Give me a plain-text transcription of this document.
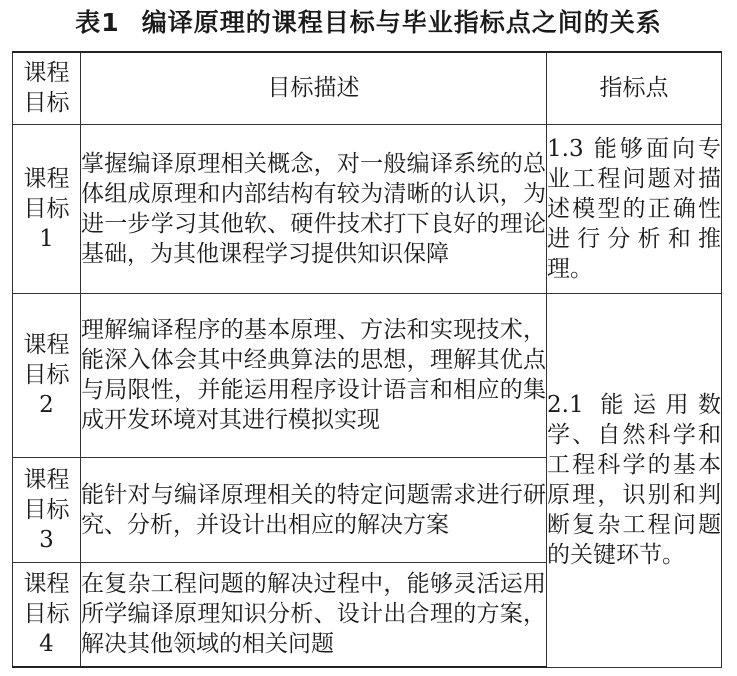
表1 编译原理的课程目标与毕业指标点之间的关系
课程目标	目标描述	指标点

课程目标1	掌握编译原理相关概念，对一般编译系统的总体组成原理和内部结构有较为清晰的认识，为进一步学习其他软、硬件技术打下良好的理论基础，为其他课程学习提供知识保障	1.3 能够面向专业工程问题对描述模型的正确性进行分析和推理。

课程目标2	理解编译程序的基本原理、方法和实现技术，能深入体会其中经典算法的思想，理解其优点与局限性，并能运用程序设计语言和相应的集成开发环境对其进行模拟实现	2.1 能运用数学、自然科学和工程科学的基本原理，识别和判断复杂工程问题的关键环节。

课程目标3	能针对与编译原理相关的特定问题需求进行研究、分析，并设计出相应的解决方案	

课程目标4	在复杂工程问题的解决过程中，能够灵活运用所学编译原理知识分析、设计出合理的方案，解决其他领域的相关问题	
